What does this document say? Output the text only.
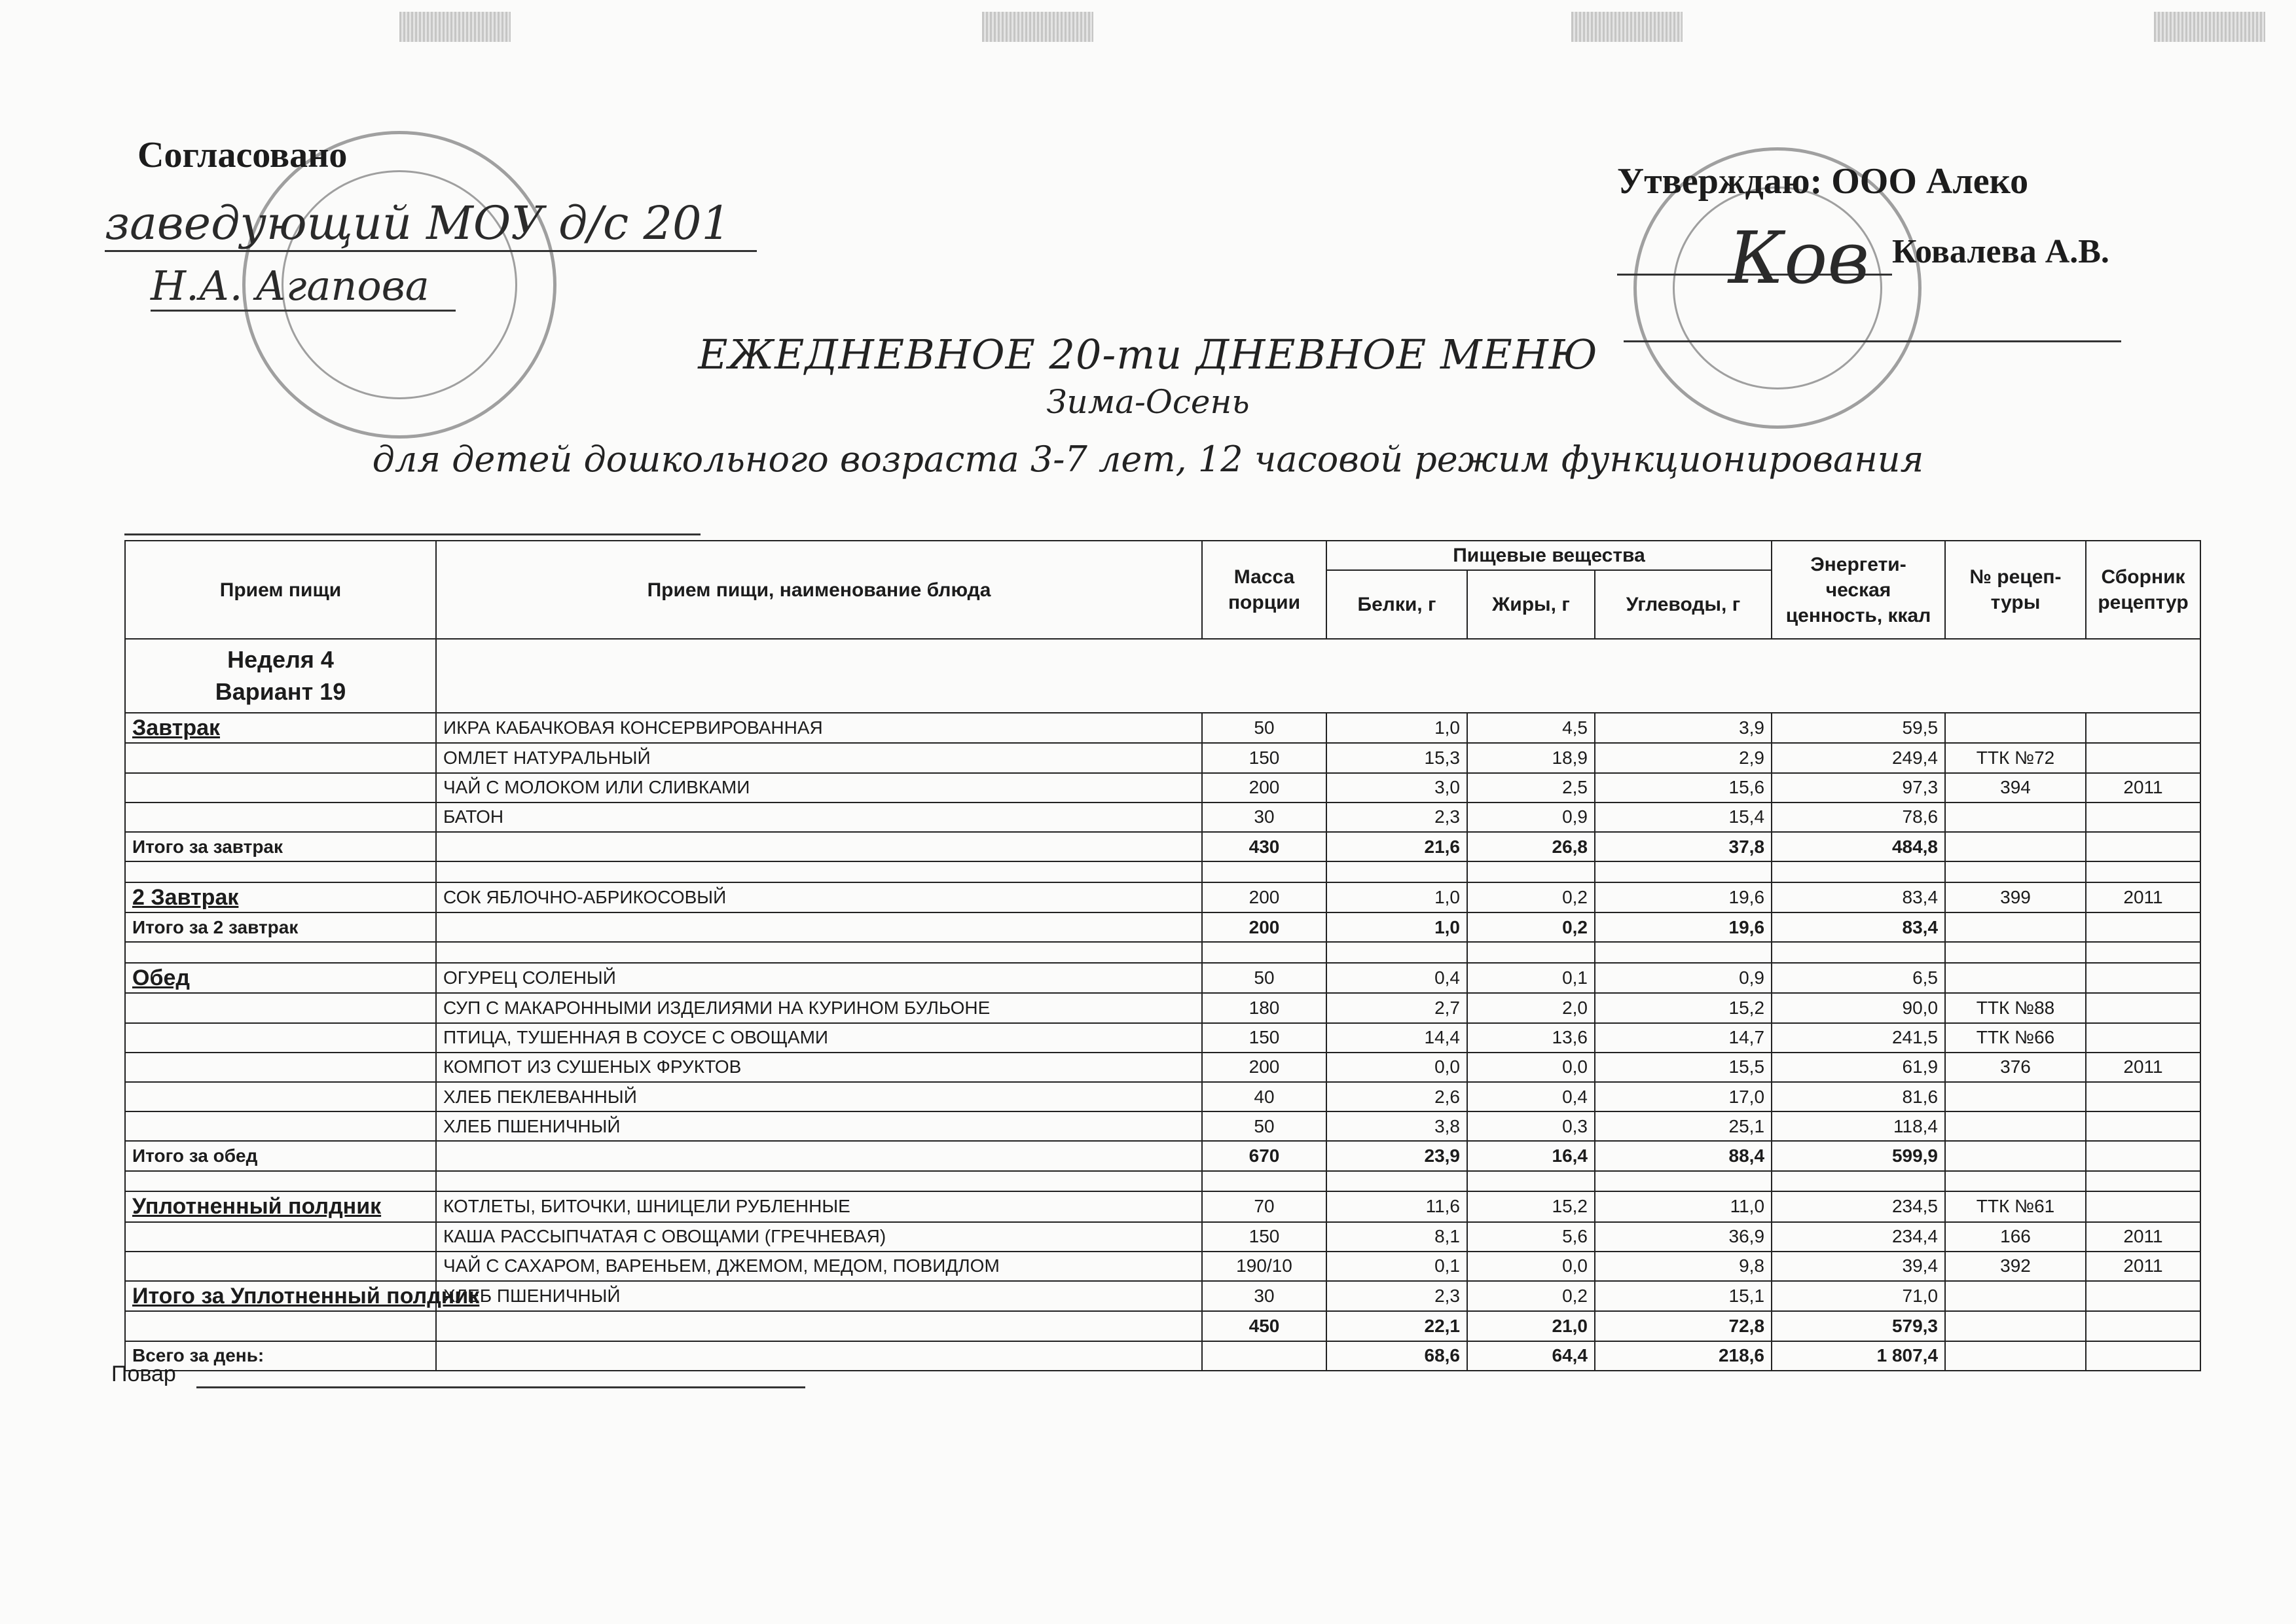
Согласовано
заведующий МОУ д/с 201
Н.А. Агапова
Утверждаю: ООО Алеко
Ков Ковалева А.В.
ЕЖЕДНЕВНОЕ 20-ти ДНЕВНОЕ МЕНЮ
Зима-Осень
для детей дошкольного возраста 3-7 лет, 12 часовой режим функционирования
Прием пищи	Прием пищи, наименование блюда	Масса порции	Пищевые вещества			Энергети-ческая ценность, ккал	№ рецеп-туры	Сборник рецептур
			Белки, г	Жиры, г	Углеводы, г			

Неделя 4
Вариант 19								

Завтрак	ИКРА КАБАЧКОВАЯ КОНСЕРВИРОВАННАЯ	50	1,0	4,5	3,9	59,5		
	ОМЛЕТ НАТУРАЛЬНЫЙ	150	15,3	18,9	2,9	249,4	ТТК №72	
	ЧАЙ С МОЛОКОМ ИЛИ СЛИВКАМИ	200	3,0	2,5	15,6	97,3	394	2011
	БАТОН	30	2,3	0,9	15,4	78,6		
Итого за завтрак		430	21,6	26,8	37,8	484,8		

2 Завтрак	СОК ЯБЛОЧНО-АБРИКОСОВЫЙ	200	1,0	0,2	19,6	83,4	399	2011
Итого за 2 завтрак		200	1,0	0,2	19,6	83,4		

Обед	ОГУРЕЦ СОЛЕНЫЙ	50	0,4	0,1	0,9	6,5		
	СУП С МАКАРОННЫМИ ИЗДЕЛИЯМИ НА КУРИНОМ БУЛЬОНЕ	180	2,7	2,0	15,2	90,0	ТТК №88	
	ПТИЦА, ТУШЕННАЯ В СОУСЕ С ОВОЩАМИ	150	14,4	13,6	14,7	241,5	ТТК №66	
	КОМПОТ ИЗ СУШЕНЫХ ФРУКТОВ	200	0,0	0,0	15,5	61,9	376	2011
	ХЛЕБ ПЕКЛЕВАННЫЙ	40	2,6	0,4	17,0	81,6		
	ХЛЕБ ПШЕНИЧНЫЙ	50	3,8	0,3	25,1	118,4		
Итого за обед		670	23,9	16,4	88,4	599,9		

Уплотненный полдник	КОТЛЕТЫ, БИТОЧКИ, ШНИЦЕЛИ РУБЛЕННЫЕ	70	11,6	15,2	11,0	234,5	ТТК №61	
	КАША РАССЫПЧАТАЯ С ОВОЩАМИ (ГРЕЧНЕВАЯ)	150	8,1	5,6	36,9	234,4	166	2011
	ЧАЙ С САХАРОМ, ВАРЕНЬЕМ, ДЖЕМОМ, МЕДОМ, ПОВИДЛОМ	190/10	0,1	0,0	9,8	39,4	392	2011
Итого за Уплотненный полдник	ХЛЕБ ПШЕНИЧНЫЙ	30	2,3	0,2	15,1	71,0		
		450	22,1	21,0	72,8	579,3		
Всего за день:			68,6	64,4	218,6	1 807,4		
Повар
